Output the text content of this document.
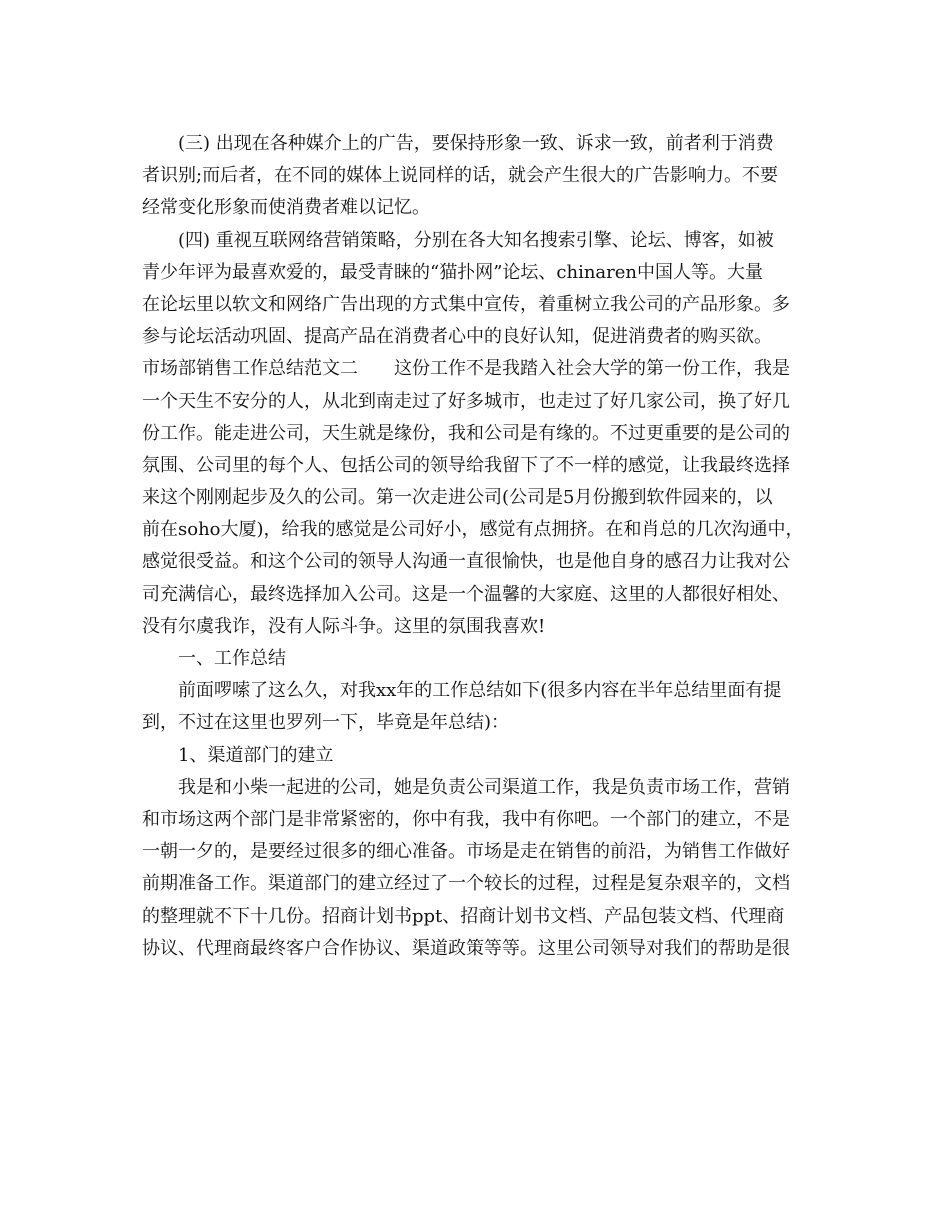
(三) 出现在各种媒介上的广告，要保持形象一致、诉求一致，前者利于消费
者识别;而后者，在不同的媒体上说同样的话，就会产生很大的广告影响力。不要
经常变化形象而使消费者难以记忆。
(四) 重视互联网络营销策略，分别在各大知名搜索引擎、论坛、博客，如被
青少年评为最喜欢爱的，最受青睐的“猫扑网”论坛、chinaren中国人等。大量
在论坛里以软文和网络广告出现的方式集中宣传，着重树立我公司的产品形象。多
参与论坛活动巩固、提高产品在消费者心中的良好认知，促进消费者的购买欲。
市场部销售工作总结范文二　　这份工作不是我踏入社会大学的第一份工作，我是
一个天生不安分的人，从北到南走过了好多城市，也走过了好几家公司，换了好几
份工作。能走进公司，天生就是缘份，我和公司是有缘的。不过更重要的是公司的
氛围、公司里的每个人、包括公司的领导给我留下了不一样的感觉，让我最终选择
来这个刚刚起步及久的公司。第一次走进公司(公司是5月份搬到软件园来的，以
前在soho大厦)，给我的感觉是公司好小，感觉有点拥挤。在和肖总的几次沟通中，
感觉很受益。和这个公司的领导人沟通一直很愉快，也是他自身的感召力让我对公
司充满信心，最终选择加入公司。这是一个温馨的大家庭、这里的人都很好相处、
没有尔虞我诈，没有人际斗争。这里的氛围我喜欢!
一、工作总结
前面啰嗦了这么久，对我xx年的工作总结如下(很多内容在半年总结里面有提
到，不过在这里也罗列一下，毕竟是年总结)：
1、渠道部门的建立
我是和小柴一起进的公司，她是负责公司渠道工作，我是负责市场工作，营销
和市场这两个部门是非常紧密的，你中有我，我中有你吧。一个部门的建立，不是
一朝一夕的，是要经过很多的细心准备。市场是走在销售的前沿，为销售工作做好
前期准备工作。渠道部门的建立经过了一个较长的过程，过程是复杂艰辛的，文档
的整理就不下十几份。招商计划书ppt、招商计划书文档、产品包装文档、代理商
协议、代理商最终客户合作协议、渠道政策等等。这里公司领导对我们的帮助是很
